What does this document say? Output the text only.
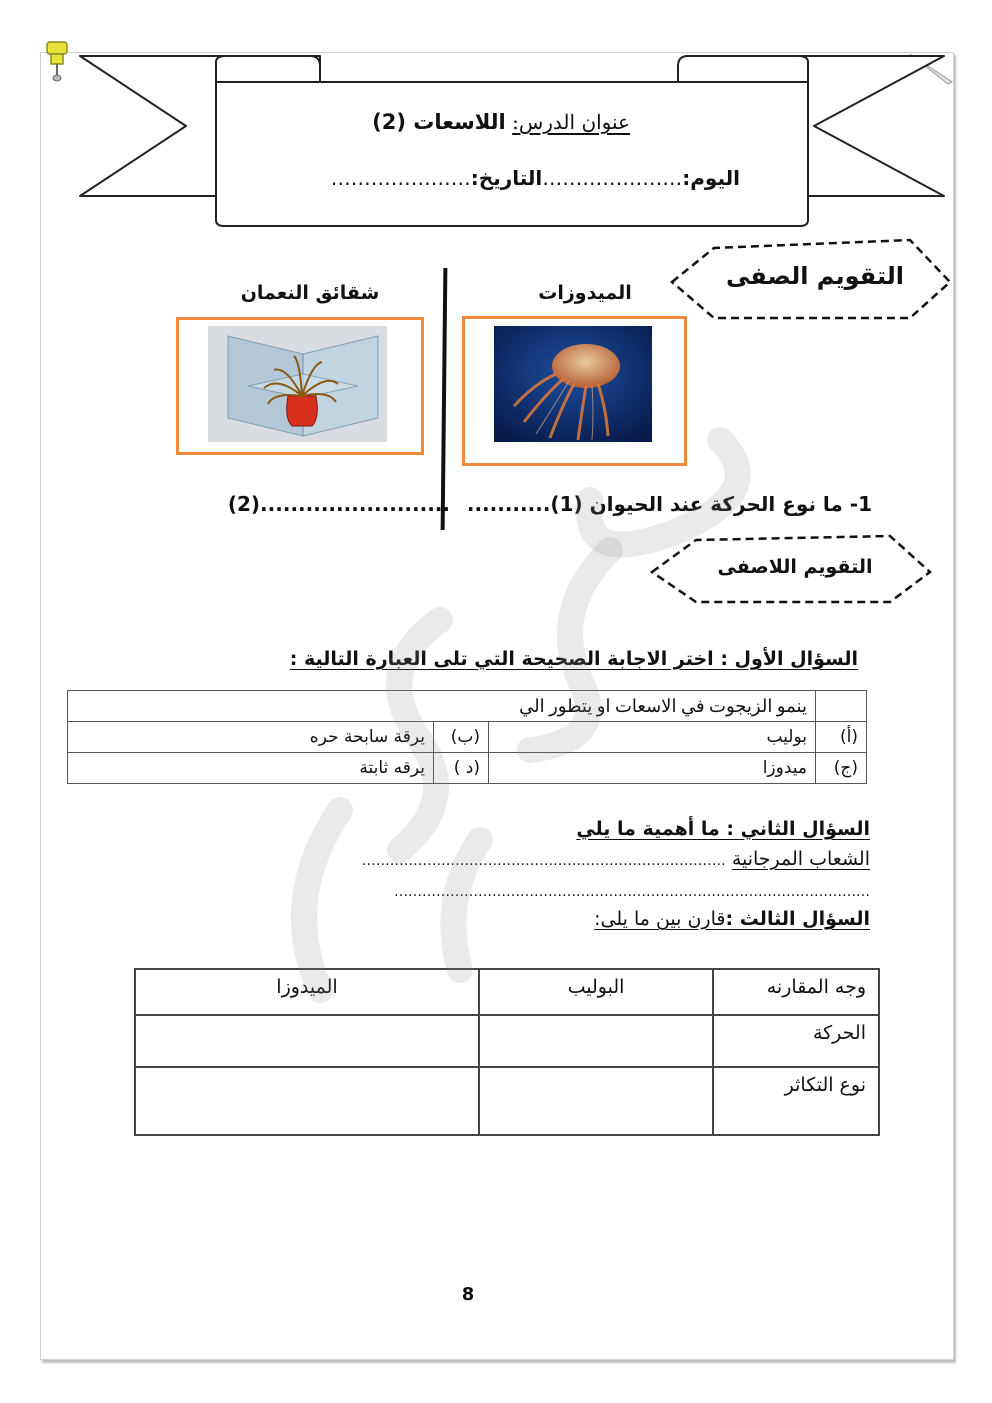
عنوان الدرس: اللاسعات (2)
اليوم:…………………التاريخ:…………………
التقويم الصفى
الميدوزات
شقائق النعمان
1- ما نوع الحركة عند الحيوان (1)...........
(2).........................
التقويم اللاصفى
السؤال الأول : اختر الاجابة الصحيحة التي تلى العبارة التالية :
	ينمو الزيجوت في الاسعات او يتطور الي		
(أ)	بوليب	(ب)	يرقة سابحة حره
(ج)	ميدوزا	(د )	يرقه ثابتة
السؤال الثاني : ما أهمية ما يلي
الشعاب المرجانية ……………………………………………………………………
…………………………………………………………………………………………
السؤال الثالث :قارن بين ما يلى:
وجه المقارنه	البوليب	الميدوزا
الحركة		
نوع التكاثر		
8
